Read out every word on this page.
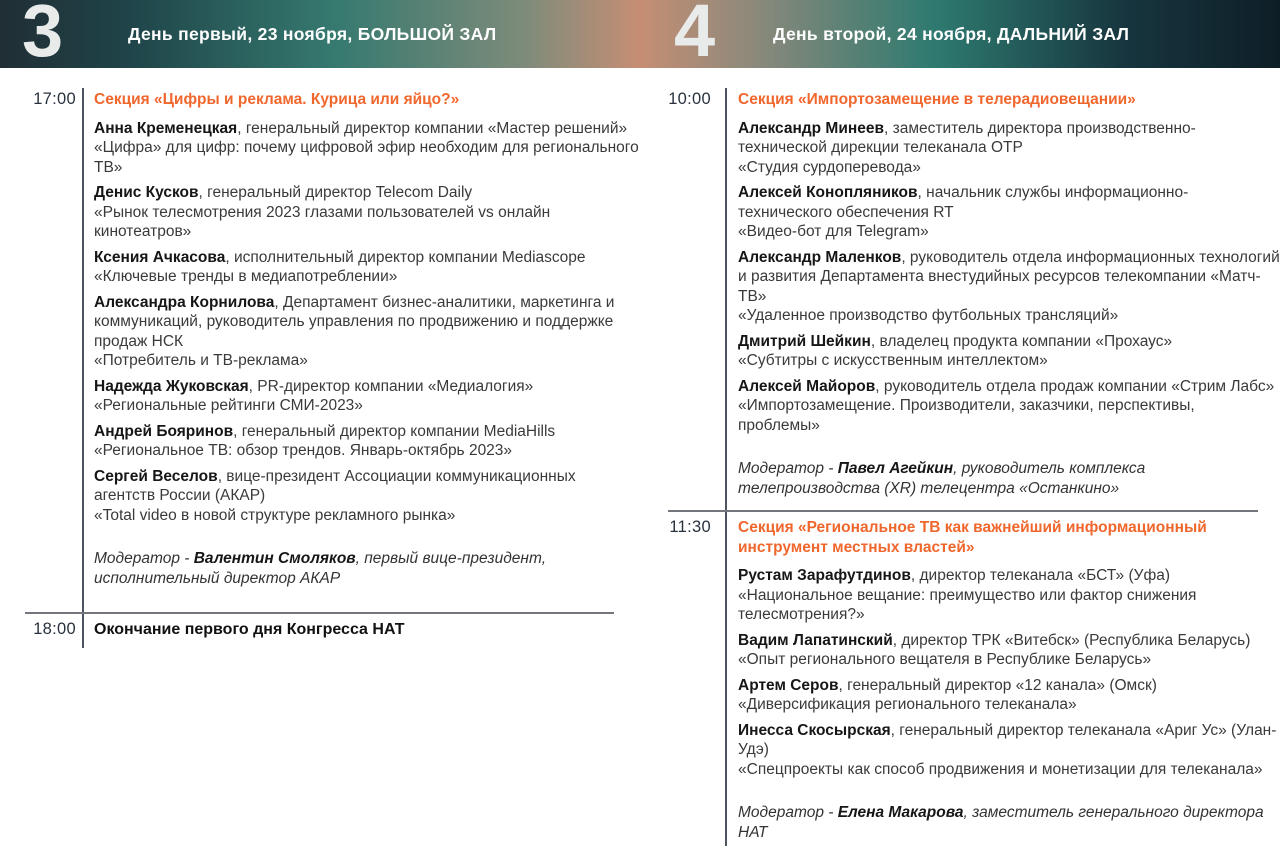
3	День первый, 23 ноября, БОЛЬШОЙ ЗАЛ 4	День второй, 24 ноября, ДАЛЬНИЙ ЗАЛ
17:00 Секция «Цифры и реклама. Курица или яйцо?»
Анна Кременецкая, генеральный директор компании «Мастер решений»
«Цифра» для цифр: почему цифровой эфир необходим для регионального ТВ»
Денис Кусков, генеральный директор Telecom Daily
«Рынок телесмотрения 2023 глазами пользователей vs онлайн кинотеатров»
Ксения Ачкасова, исполнительный директор компании Mediascope
«Ключевые тренды в медиапотреблении»
Александра Корнилова, Департамент бизнес-аналитики, маркетинга и коммуникаций, руководитель управления по продвижению и поддержке продаж НСК
«Потребитель и ТВ-реклама»
Надежда Жуковская, PR-директор компании «Медиалогия»
«Региональные рейтинги СМИ-2023»
Андрей Бояринов, генеральный директор компании MediaHills
«Региональное ТВ: обзор трендов. Январь-октябрь 2023»
Сергей Веселов, вице-президент Ассоциации коммуникационных агентств России (АКАР)
«Total video в новой структуре рекламного рынка»
Модератор - Валентин Смоляков, первый вице-президент, исполнительный директор АКАР
18:00 Окончание первого дня Конгресса НАТ
10:00 Секция «Импортозамещение в телерадиовещании»
Александр Минеев, заместитель директора производственно-технической дирекции телеканала ОТР
«Студия сурдоперевода»
Алексей Конопляников, начальник службы информационно-технического обеспечения RT
«Видео-бот для Telegram»
Александр Маленков, руководитель отдела информационных технологий и развития Департамента внестудийных ресурсов телекомпании «Матч-ТВ»
«Удаленное производство футбольных трансляций»
Дмитрий Шейкин, владелец продукта компании «Прохаус»
«Субтитры с искусственным интеллектом»
Алексей Майоров, руководитель отдела продаж компании «Стрим Лабс»
«Импортозамещение. Производители, заказчики, перспективы, проблемы»
Модератор - Павел Агейкин, руководитель комплекса телепроизводства (XR) телецентра «Останкино»
11:30 Секция «Региональное ТВ как важнейший информационный инструмент местных властей»
Рустам Зарафутдинов, директор телеканала «БСТ» (Уфа)
«Национальное вещание: преимущество или фактор снижения телесмотрения?»
Вадим Лапатинский, директор ТРК «Витебск» (Республика Беларусь)
«Опыт регионального вещателя в Республике Беларусь»
Артем Серов, генеральный директор «12 канала» (Омск)
«Диверсификация регионального телеканала»
Инесса Скосырская, генеральный директор телеканала «Ариг Ус» (Улан-Удэ)
«Спецпроекты как способ продвижения и монетизации для телеканала»
Модератор - Елена Макарова, заместитель генерального директора НАТ
